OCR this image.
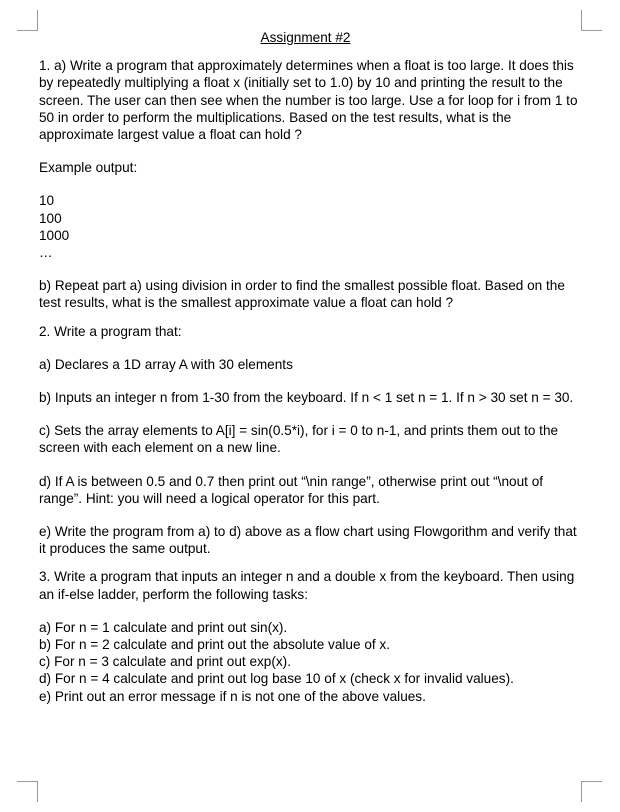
Assignment #2

1. a) Write a program that approximately determines when a float is too large. It does this by repeatedly multiplying a float x (initially set to 1.0) by 10 and printing the result to the screen. The user can then see when the number is too large. Use a for loop for i from 1 to 50 in order to perform the multiplications. Based on the test results, what is the approximate largest value a float can hold ?

Example output:

10
100
1000
…

b) Repeat part a) using division in order to find the smallest possible float. Based on the test results, what is the smallest approximate value a float can hold ?

2. Write a program that:

a) Declares a 1D array A with 30 elements

b) Inputs an integer n from 1-30 from the keyboard. If n < 1 set n = 1. If n > 30 set n = 30.

c) Sets the array elements to A[i] = sin(0.5*i), for i = 0 to n-1, and prints them out to the screen with each element on a new line.

d) If A is between 0.5 and 0.7 then print out “\nin range”, otherwise print out “\nout of range”. Hint: you will need a logical operator for this part.

e) Write the program from a) to d) above as a flow chart using Flowgorithm and verify that it produces the same output.

3. Write a program that inputs an integer n and a double x from the keyboard. Then using an if-else ladder, perform the following tasks:

a) For n = 1 calculate and print out sin(x).
b) For n = 2 calculate and print out the absolute value of x.
c) For n = 3 calculate and print out exp(x).
d) For n = 4 calculate and print out log base 10 of x (check x for invalid values).
e) Print out an error message if n is not one of the above values.
